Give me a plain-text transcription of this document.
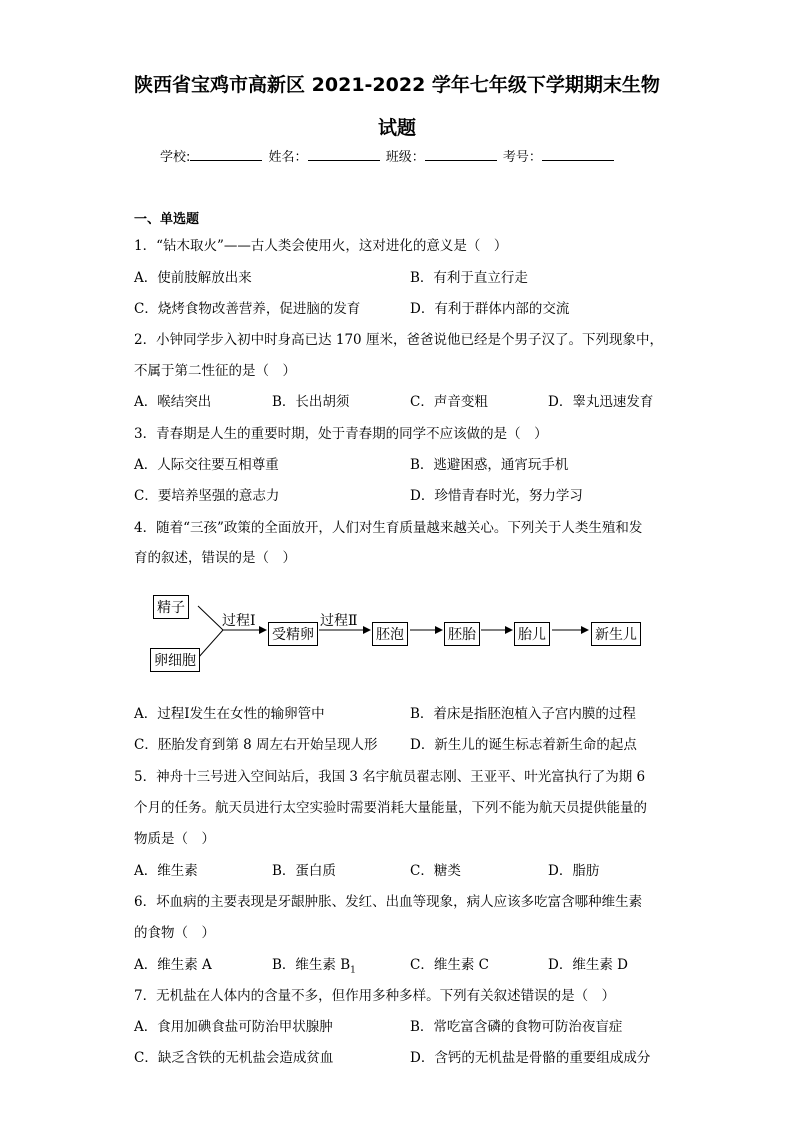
陕西省宝鸡市高新区 2021-2022 学年七年级下学期期末生物
试题
学校:	姓名：	班级：	考号：
一、单选题
1．“钻木取火”——古人类会使用火，这对进化的意义是（　）
A．使前肢解放出来	B．有利于直立行走
C．烧烤食物改善营养，促进脑的发育	D．有利于群体内部的交流
2．小钟同学步入初中时身高已达 170 厘米，爸爸说他已经是个男子汉了。下列现象中，
不属于第二性征的是（　）
A．喉结突出	B．长出胡须	C．声音变粗	D．睾丸迅速发育
3．青春期是人生的重要时期，处于青春期的同学不应该做的是（　）
A．人际交往要互相尊重	B．逃避困惑，通宵玩手机
C．要培养坚强的意志力	D．珍惜青春时光，努力学习
4．随着“三孩”政策的全面放开，人们对生育质量越来越关心。下列关于人类生殖和发
育的叙述，错误的是（　）
精子
卵细胞
过程Ⅰ
受精卵
过程Ⅱ
胚泡	胚胎	胎儿	新生儿
A．过程Ⅰ发生在女性的输卵管中	B．着床是指胚泡植入子宫内膜的过程
C．胚胎发育到第 8 周左右开始呈现人形 D．新生儿的诞生标志着新生命的起点
5．神舟十三号进入空间站后，我国 3 名宇航员翟志刚、王亚平、叶光富执行了为期 6
个月的任务。航天员进行太空实验时需要消耗大量能量，下列不能为航天员提供能量的
物质是（　）
A．维生素	B．蛋白质	C．糖类	D．脂肪
6．坏血病的主要表现是牙龈肿胀、发红、出血等现象，病人应该多吃富含哪种维生素
的食物（　）
A．维生素 A	B．维生素 $B_1$	C．维生素 C	D．维生素 D
7．无机盐在人体内的含量不多，但作用多种多样。下列有关叙述错误的是（　）
A．食用加碘食盐可防治甲状腺肿	B．常吃富含磷的食物可防治夜盲症
C．缺乏含铁的无机盐会造成贫血	D．含钙的无机盐是骨骼的重要组成成分
